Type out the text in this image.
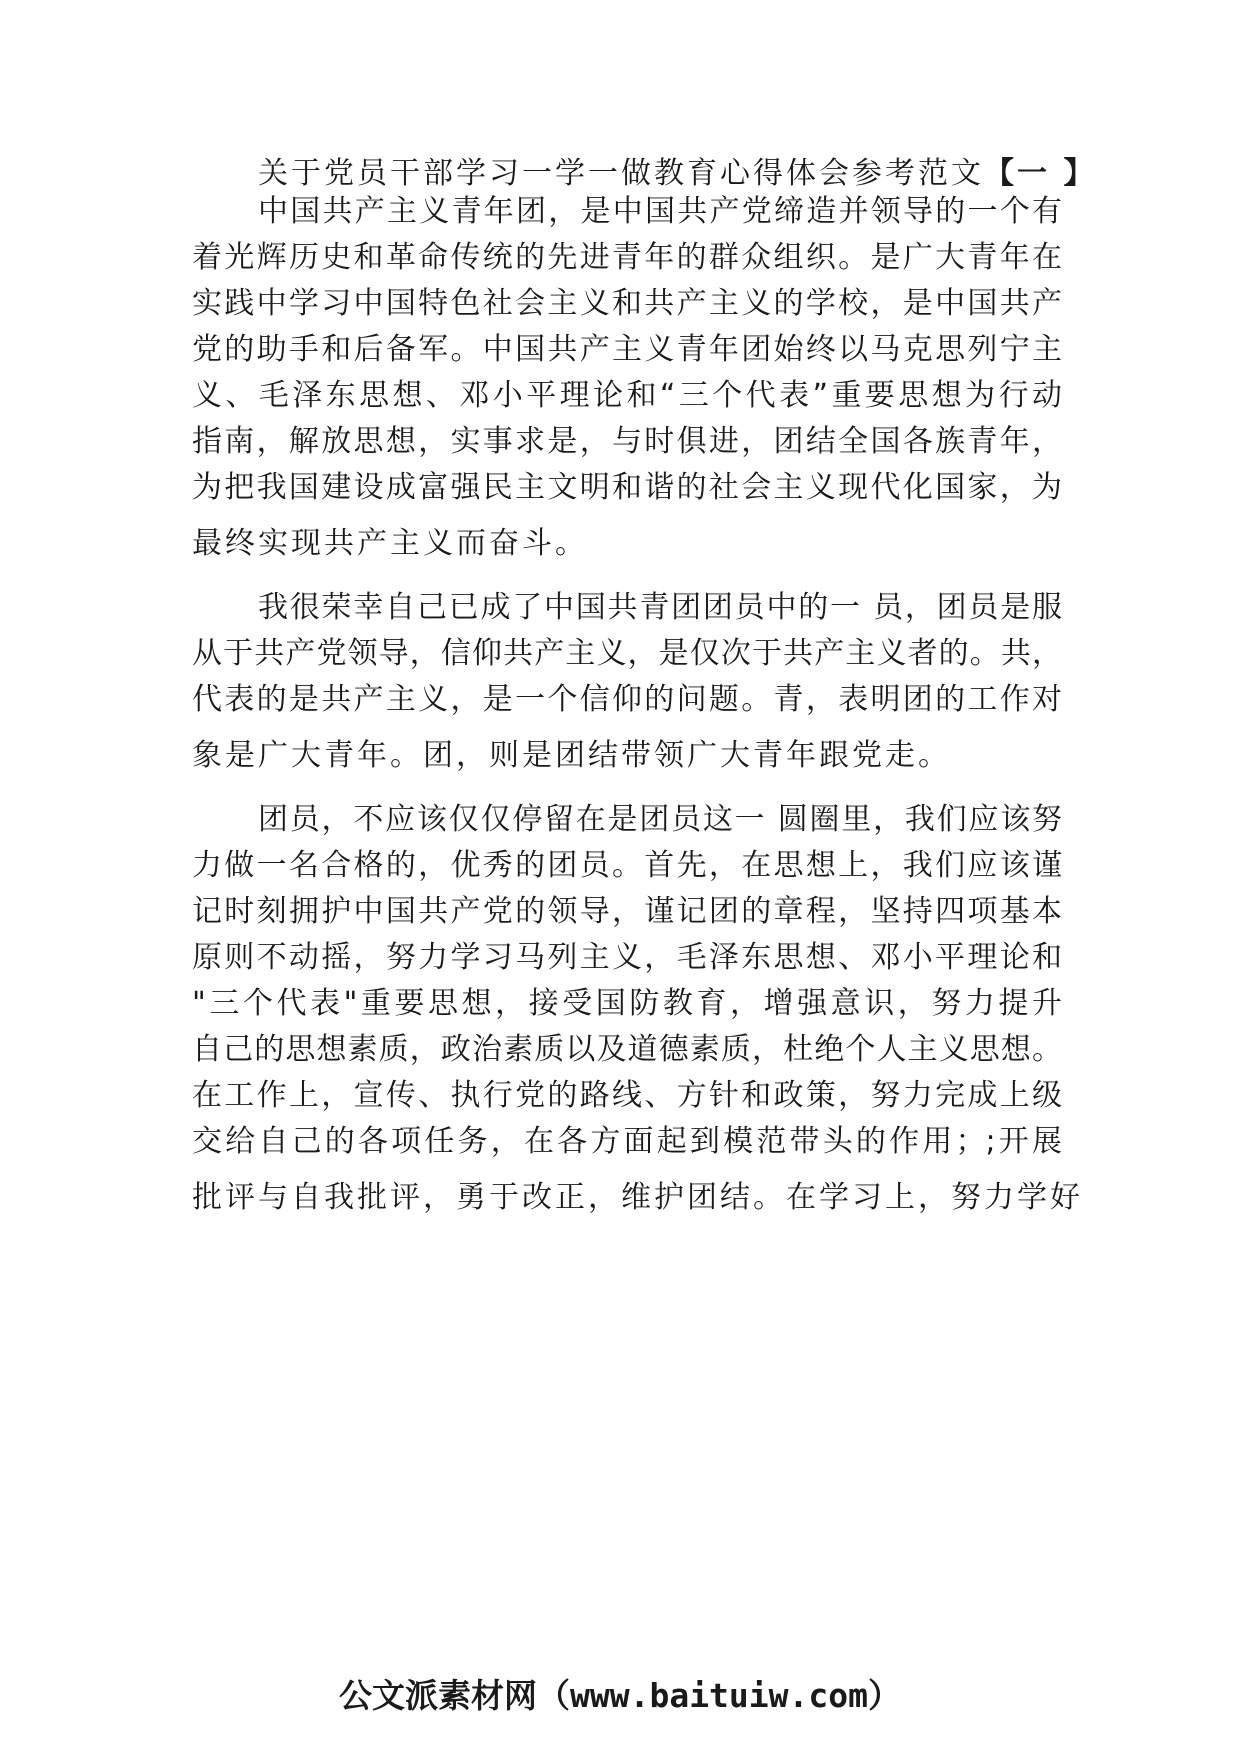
关于党员干部学习一学一做教育心得体会参考范文【一 】
中国共产主义青年团，是中国共产党缔造并领导的一个有
着光辉历史和革命传统的先进青年的群众组织。是广大青年在
实践中学习中国特色社会主义和共产主义的学校，是中国共产
党的助手和后备军。中国共产主义青年团始终以马克思列宁主
义、毛泽东思想、邓小平理论和“三个代表”重要思想为行动
指南，解放思想，实事求是，与时俱进，团结全国各族青年，
为把我国建设成富强民主文明和谐的社会主义现代化国家，为
最终实现共产主义而奋斗。
我很荣幸自己已成了中国共青团团员中的一 员，团员是服
从于共产党领导，信仰共产主义，是仅次于共产主义者的。共，
代表的是共产主义，是一个信仰的问题。青，表明团的工作对
象是广大青年。团，则是团结带领广大青年跟党走。
团员，不应该仅仅停留在是团员这一 圆圈里，我们应该努
力做一名合格的，优秀的团员。首先，在思想上，我们应该谨
记时刻拥护中国共产党的领导，谨记团的章程，坚持四项基本
原则不动摇，努力学习马列主义，毛泽东思想、邓小平理论和
"三个代表"重要思想，接受国防教育，增强意识，努力提升
自己的思想素质，政治素质以及道德素质，杜绝个人主义思想。
在工作上，宣传、执行党的路线、方针和政策，努力完成上级
交给自己的各项任务，在各方面起到模范带头的作用；;开展
批评与自我批评，勇于改正，维护团结。在学习上，努力学好
公文派素材网（www.baituiw.com）
